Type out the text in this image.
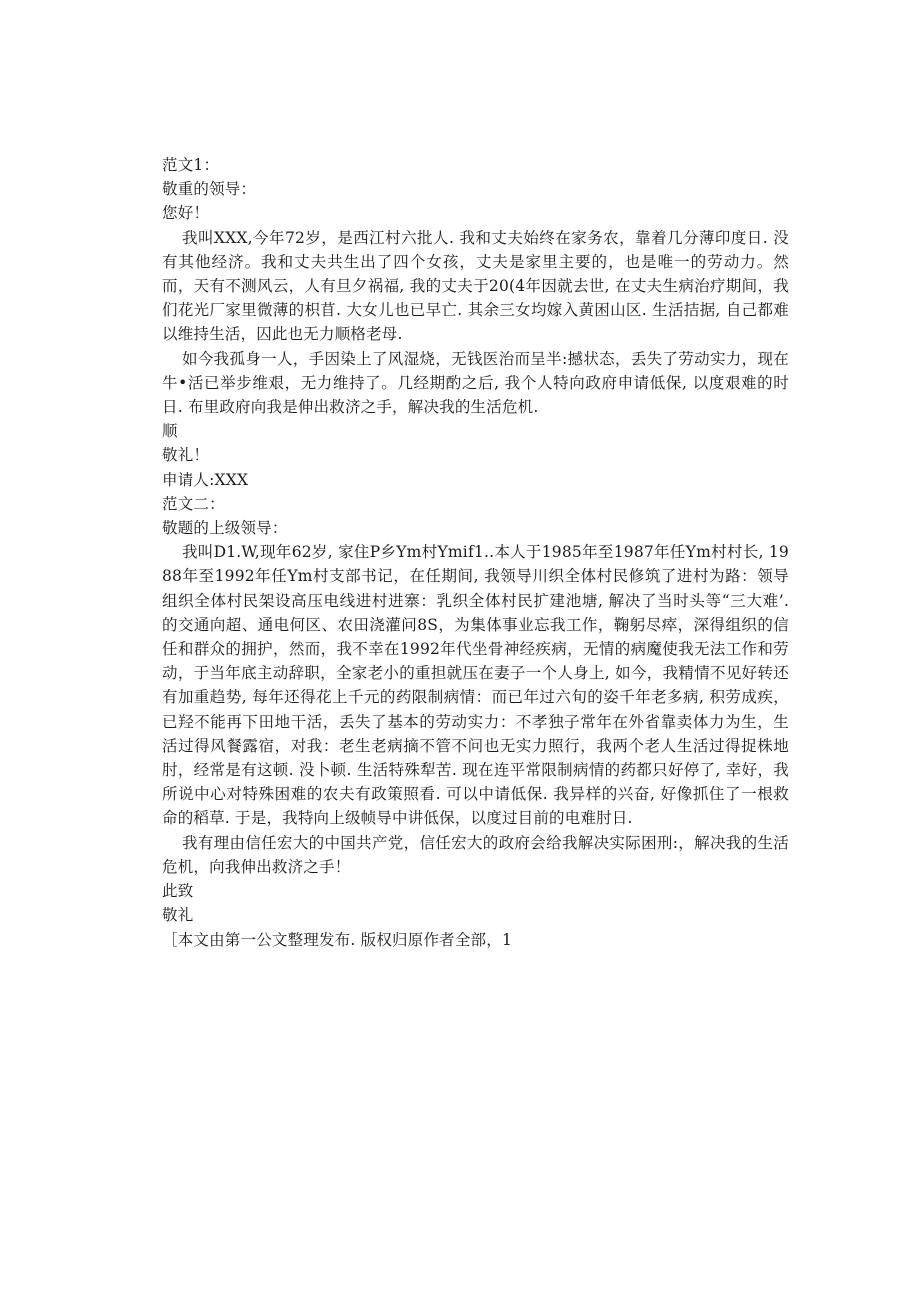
范文1：

敬重的领导：

您好！

我叫XXX,今年72岁，是西江村六批人. 我和丈夫始终在家务农，靠着几分薄印度日. 没有其他经济。我和丈夫共生出了四个女孩，丈夫是家里主要的，也是唯一的劳动力。然而，天有不测风云，人有旦夕祸福, 我的丈夫于20(4年因就去世, 在丈夫生病治疗期间，我们花光厂家里微薄的枳苜. 大女儿也已早亡. 其余三女均嫁入黄困山区. 生活拮据, 自己都难以维持生活，囚此也无力顺格老母.

如今我孤身一人，手因染上了风湿烧，无钱医治而呈半:撼状态，丢失了劳动实力，现在牛•活已举步维艰，无力维持了。几经期酌之后, 我个人特向政府申请低保, 以度艰难的时日. 布里政府向我是伸出救济之手，解决我的生活危机.

顺

敬礼！

申请人:XXX

范文二：

敬题的上级领导：

我叫D1.W,现年62岁, 家住P乡Ym村Ymif1..本人于1985年至1987年任Ym村村长, 1988年至1992年任Ym村支部书记，在任期间, 我领导川织全体村民修筑了进村为路：领导组织全体村民架设高压电线进村进寨：乳织全体村民扩建池塘, 解决了当时头等“三大难’. 的交通向超、通电何区、农田浇灌问8S，为集体事业忘我工作，鞠躬尽瘁，深得组织的信任和群众的拥护，然而，我不幸在1992年代坐骨神经疾病，无情的病魔使我无法工作和劳动，于当年底主动辞职，全家老小的重担就压在妻子一个人身上, 如今，我精情不见好转还有加重趋势, 每年还得花上千元的药限制病情：而已年过六旬的姿千年老多病, 积劳成疾，已羟不能再下田地干活，丢失了基本的劳动实力：不孝独子常年在外省靠卖体力为生，生活过得风餐露宿，对我：老生老病摘不管不问也无实力照行，我两个老人生活过得捉株地肘，经常是有这顿. 没卜顿. 生活特殊犁苦. 现在连平常限制病情的药都只好停了, 幸好，我所说中心对特殊困难的农夫有政策照看. 可以中请低保. 我异样的兴奋, 好像抓住了一根救命的稻草. 于是，我特向上级帧导中讲低保，以度过目前的电难肘日.

我有理由信任宏大的中国共产党，信任宏大的政府会给我解决实际困刑:，解决我的生活危机，向我伸出救济之手！

此致

敬礼

［本文由第一公文整理发布. 版权归原作者全部，1
